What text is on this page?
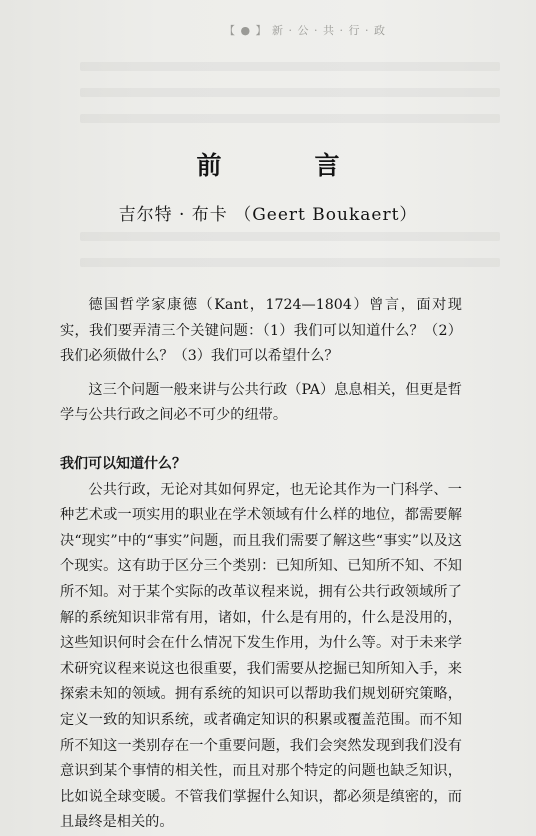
【 ● 】 新 · 公 · 共 · 行 · 政
前　言
吉尔特 · 布卡 （Geert Boukaert）

德国哲学家康德（Kant，1724—1804）曾言，面对现实，我们要弄清三个关键问题：（1）我们可以知道什么？（2）我们必须做什么？（3）我们可以希望什么？

这三个问题一般来讲与公共行政（PA）息息相关，但更是哲学与公共行政之间必不可少的纽带。

我们可以知道什么？

公共行政，无论对其如何界定，也无论其作为一门科学、一种艺术或一项实用的职业在学术领域有什么样的地位，都需要解决“现实”中的“事实”问题，而且我们需要了解这些“事实”以及这个现实。这有助于区分三个类别：已知所知、已知所不知、不知所不知。对于某个实际的改革议程来说，拥有公共行政领域所了解的系统知识非常有用，诸如，什么是有用的，什么是没用的，这些知识何时会在什么情况下发生作用，为什么等。对于未来学术研究议程来说这也很重要，我们需要从挖掘已知所知入手，来探索未知的领域。拥有系统的知识可以帮助我们规划研究策略，定义一致的知识系统，或者确定知识的积累或覆盖范围。而不知所不知这一类别存在一个重要问题，我们会突然发现到我们没有意识到某个事情的相关性，而且对那个特定的问题也缺乏知识，比如说全球变暖。不管我们掌握什么知识，都必须是缜密的，而且最终是相关的。
